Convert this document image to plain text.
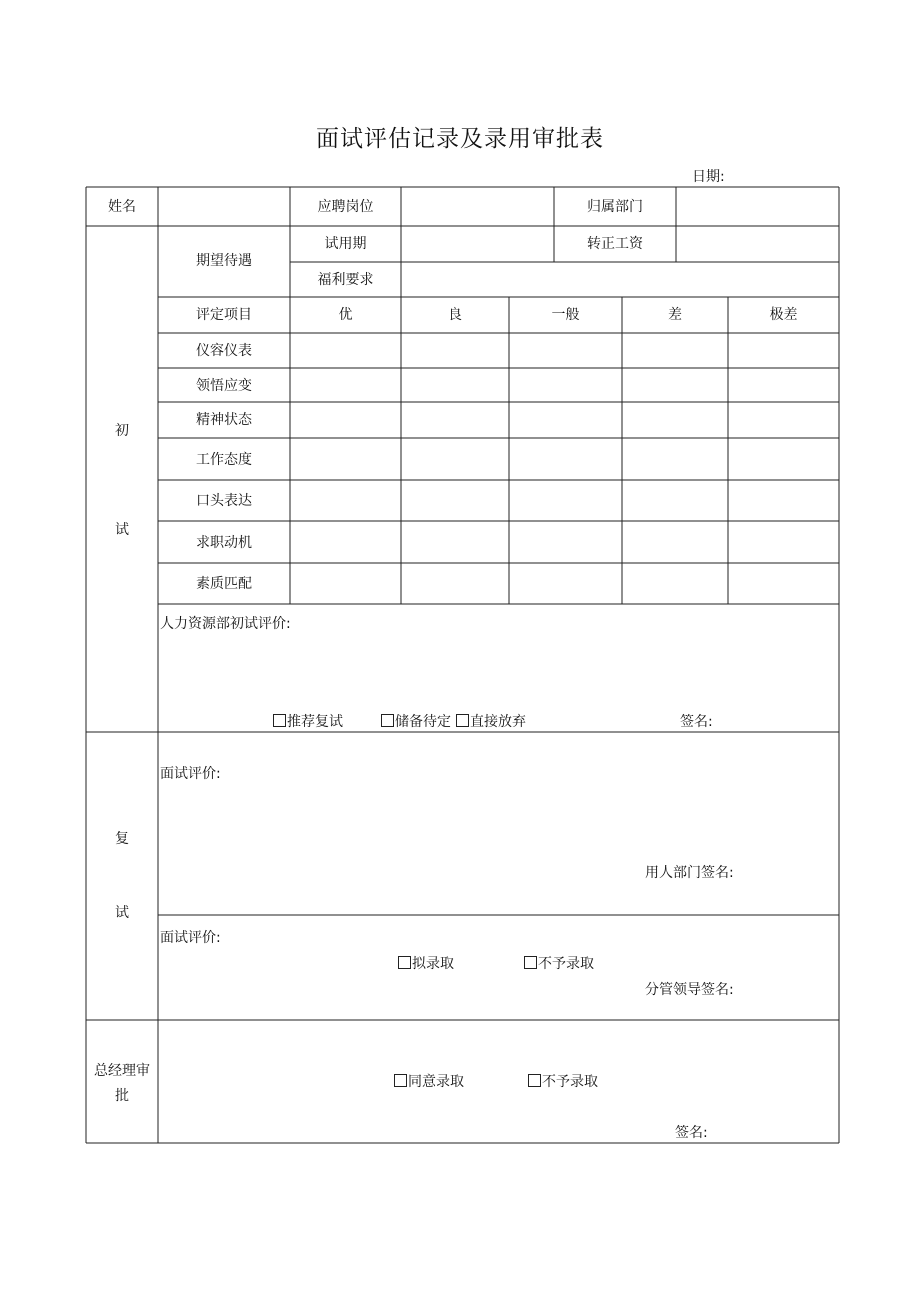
面试评估记录及录用审批表
日期:
姓名	应聘岗位	归属部门
初
试
期望待遇
试用期	转正工资
福利要求
评定项目	优	良	一般	差	极差
仪容仪表
领悟应变
精神状态
工作态度
口头表达
求职动机
素质匹配
人力资源部初试评价:
推荐复试	储备待定	直接放弃	签名:
复
试
面试评价:
用人部门签名:
面试评价:
拟录取	不予录取
分管领导签名:
总经理审
批
同意录取	不予录取
签名:
